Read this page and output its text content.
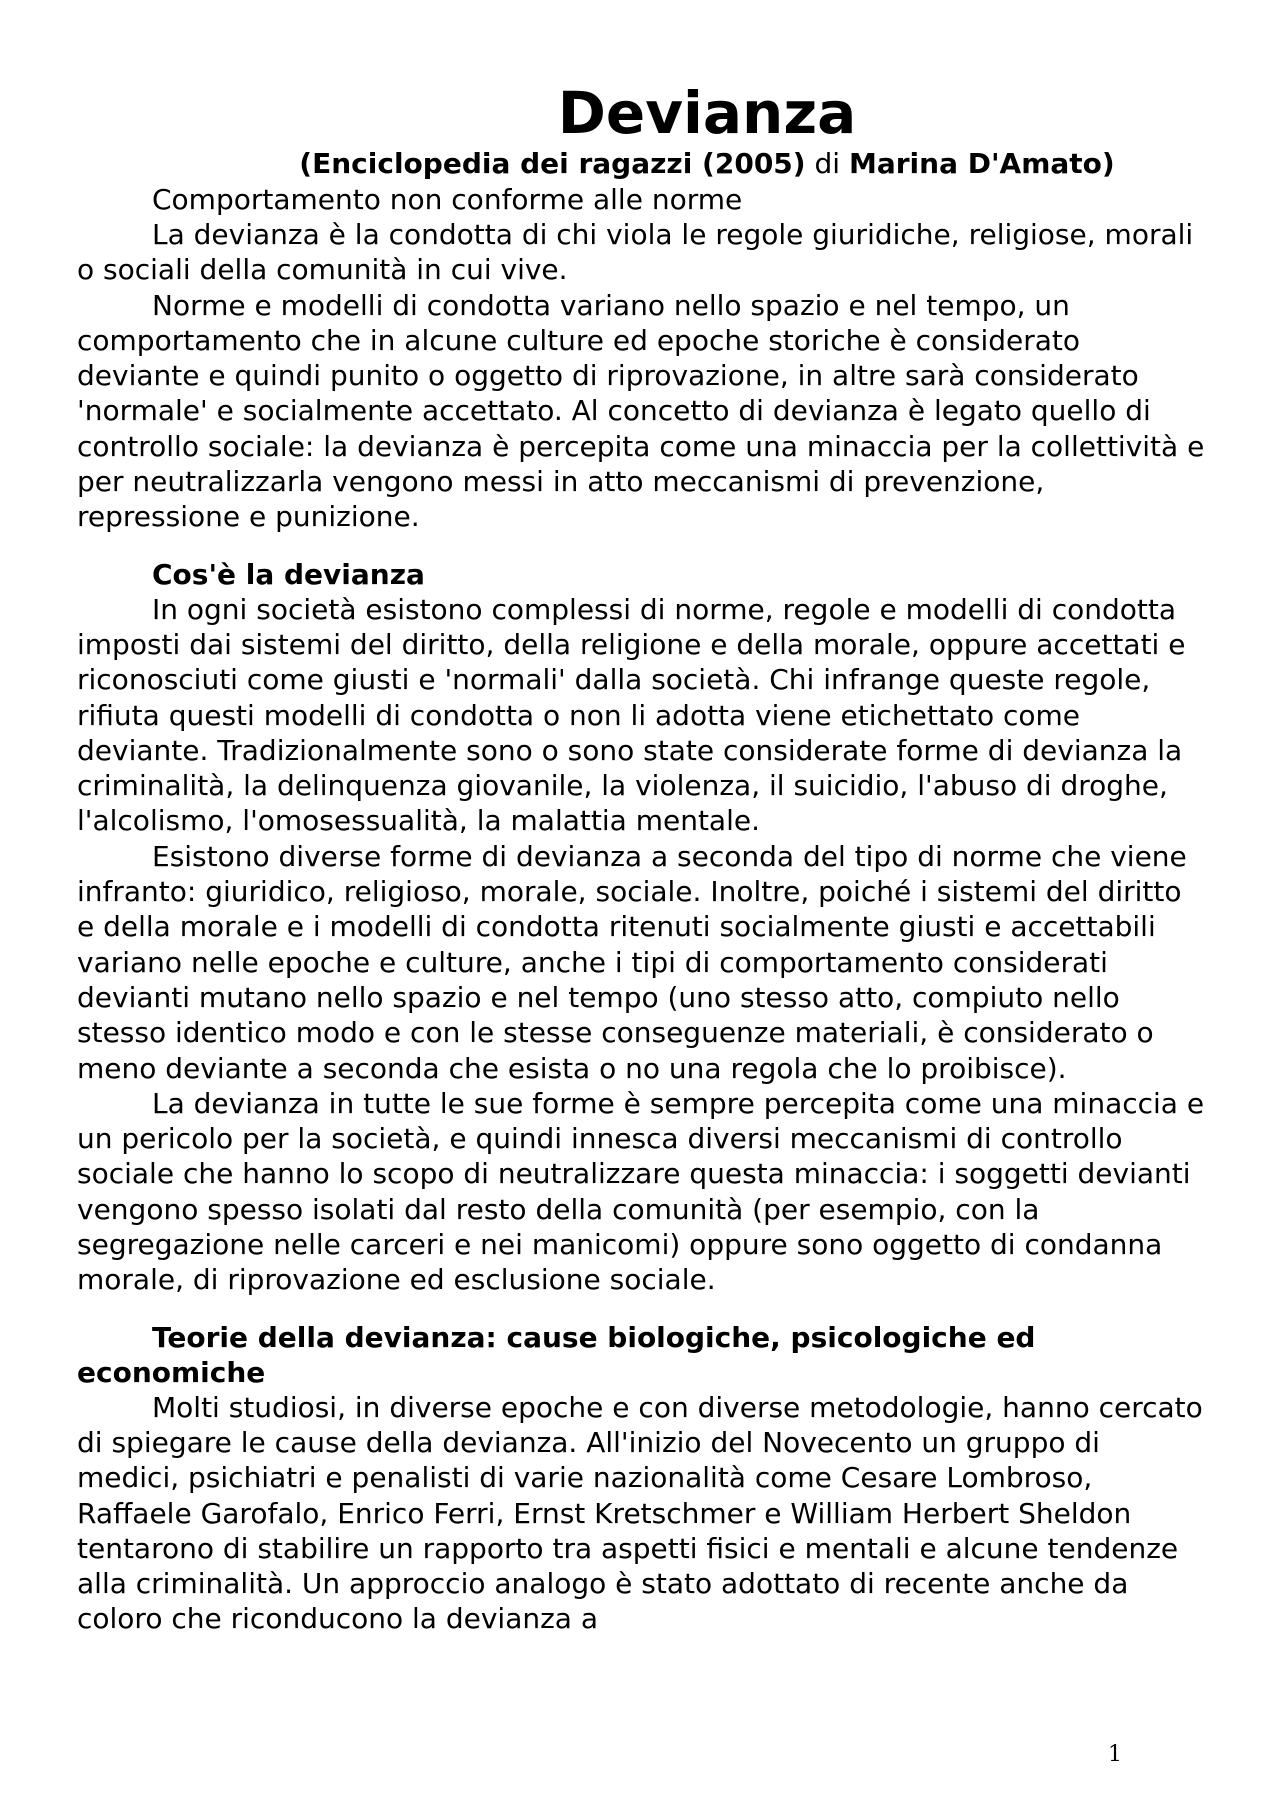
Devianza
(Enciclopedia dei ragazzi (2005) di Marina D'Amato)
Comportamento non conforme alle norme

La devianza è la condotta di chi viola le regole giuridiche, religiose, morali o sociali della comunità in cui vive.

Norme e modelli di condotta variano nello spazio e nel tempo, un comportamento che in alcune culture ed epoche storiche è considerato deviante e quindi punito o oggetto di riprovazione, in altre sarà considerato 'normale' e socialmente accettato. Al concetto di devianza è legato quello di controllo sociale: la devianza è percepita come una minaccia per la collettività e per neutralizzarla vengono messi in atto meccanismi di prevenzione, repressione e punizione.

Cos'è la devianza

In ogni società esistono complessi di norme, regole e modelli di condotta imposti dai sistemi del diritto, della religione e della morale, oppure accettati e riconosciuti come giusti e 'normali' dalla società. Chi infrange queste regole, rifiuta questi modelli di condotta o non li adotta viene etichettato come deviante. Tradizionalmente sono o sono state considerate forme di devianza la criminalità, la delinquenza giovanile, la violenza, il suicidio, l'abuso di droghe, l'alcolismo, l'omosessualità, la malattia mentale.

Esistono diverse forme di devianza a seconda del tipo di norme che viene infranto: giuridico, religioso, morale, sociale. Inoltre, poiché i sistemi del diritto e della morale e i modelli di condotta ritenuti socialmente giusti e accettabili variano nelle epoche e culture, anche i tipi di comportamento considerati devianti mutano nello spazio e nel tempo (uno stesso atto, compiuto nello stesso identico modo e con le stesse conseguenze materiali, è considerato o meno deviante a seconda che esista o no una regola che lo proibisce).

La devianza in tutte le sue forme è sempre percepita come una minaccia e un pericolo per la società, e quindi innesca diversi meccanismi di controllo sociale che hanno lo scopo di neutralizzare questa minaccia: i soggetti devianti vengono spesso isolati dal resto della comunità (per esempio, con la segregazione nelle carceri e nei manicomi) oppure sono oggetto di condanna morale, di riprovazione ed esclusione sociale.

Teorie della devianza: cause biologiche, psicologiche ed economiche

Molti studiosi, in diverse epoche e con diverse metodologie, hanno cercato di spiegare le cause della devianza. All'inizio del Novecento un gruppo di medici, psichiatri e penalisti di varie nazionalità come Cesare Lombroso, Raffaele Garofalo, Enrico Ferri, Ernst Kretschmer e William Herbert Sheldon tentarono di stabilire un rapporto tra aspetti fisici e mentali e alcune tendenze alla criminalità. Un approccio analogo è stato adottato di recente anche da coloro che riconducono la devianza a

1
